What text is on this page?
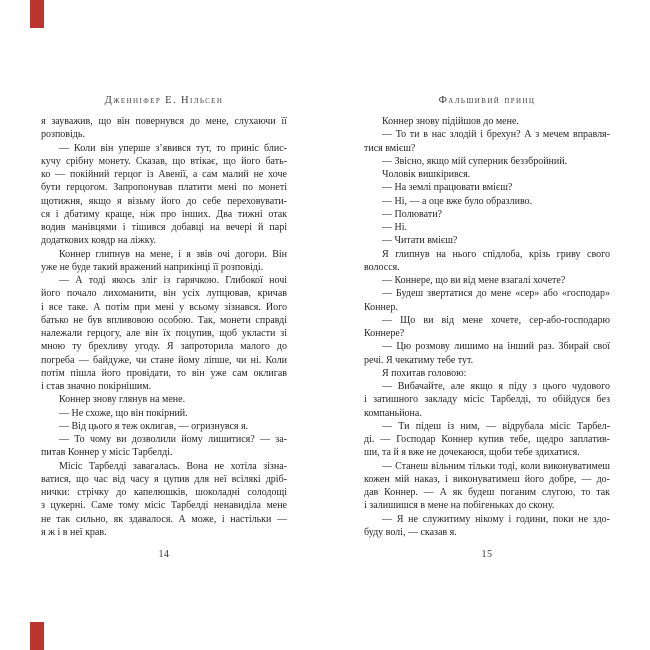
Дженніфер Е. Нільсен
я зауважив, що він повернувся до мене, слухаючи її
розповідь.
— Коли він уперше з’явився тут, то приніс блис-
кучу срібну монету. Сказав, що втікає, що його бать-
ко — покійний герцог із Авенії, а сам малий не хоче
бути герцогом. Запропонував платити мені по монеті
щотижня, якщо я візьму його до себе переховувати-
ся і дбатиму краще, ніж про інших. Два тижні отак
водив манівцями і тішився добавці на вечері й парі
додаткових ковдр на ліжку.
Коннер глипнув на мене, і я звів очі догори. Він
уже не буде такий вражений наприкінці її розповіді.
— А тоді якось зліг із гарячкою. Глибокої ночі
його почало лихоманити, він усіх лупцював, кричав
і все таке. А потім при мені у всьому зізнався. Його
батько не був впливовою особою. Так, монети справді
належали герцогу, але він їх поцупив, щоб укласти зі
мною ту брехливу угоду. Я запроторила малого до
погреба — байдуже, чи стане йому ліпше, чи ні. Коли
потім пішла його провідати, то він уже сам оклигав
і став значно покірнішим.
Коннер знову глянув на мене.
— Не схоже, що він покірний.
— Від цього я теж оклигав, — огризнувся я.
— То чому ви дозволили йому лишитися? — за-
питав Коннер у місіс Тарбелді.
Місіс Тарбелді завагалась. Вона не хотіла зізна-
ватися, що час від часу я цупив для неї всілякі дріб-
нички: стрічку до капелюшків, шоколадні солодощі
з цукерні. Саме тому місіс Тарбелді ненавиділа мене
не так сильно, як здавалося. А може, і настільки —
я ж і в неї крав.
14
Фальшивий принц
Коннер знову підійшов до мене.
— То ти в нас злодій і брехун? А з мечем вправля-
тися вмієш?
— Звісно, якщо мій суперник беззбройний.
Чоловік вишкірився.
— На землі працювати вмієш?
— Ні, — а оце вже було образливо.
— Полювати?
— Ні.
— Читати вмієш?
Я глипнув на нього спідлоба, крізь гриву свого
волосся.
— Коннере, що ви від мене взагалі хочете?
— Будеш звертатися до мене «сер» або «господар»
Коннер.
— Що ви від мене хочете, сер-або-господарю
Коннере?
— Цю розмову лишимо на інший раз. Збирай свої
речі. Я чекатиму тебе тут.
Я похитав головою:
— Вибачайте, але якщо я піду з цього чудового
і затишного закладу місіс Тарбелді, то обійдуся без
компаньйона.
— Ти підеш із ним, — відрубала місіс Тарбел-
ді. — Господар Коннер купив тебе, щедро заплатив-
ши, та й я вже не дочекаюся, щоби тебе здихатися.
— Станеш вільним тільки тоді, коли виконуватимеш
кожен мій наказ, і виконуватимеш його добре, — до-
дав Коннер. — А як будеш поганим слугою, то так
і залишишся в мене на побігеньках до скону.
— Я не служитиму нікому і години, поки не здо-
буду волі, — сказав я.
15
